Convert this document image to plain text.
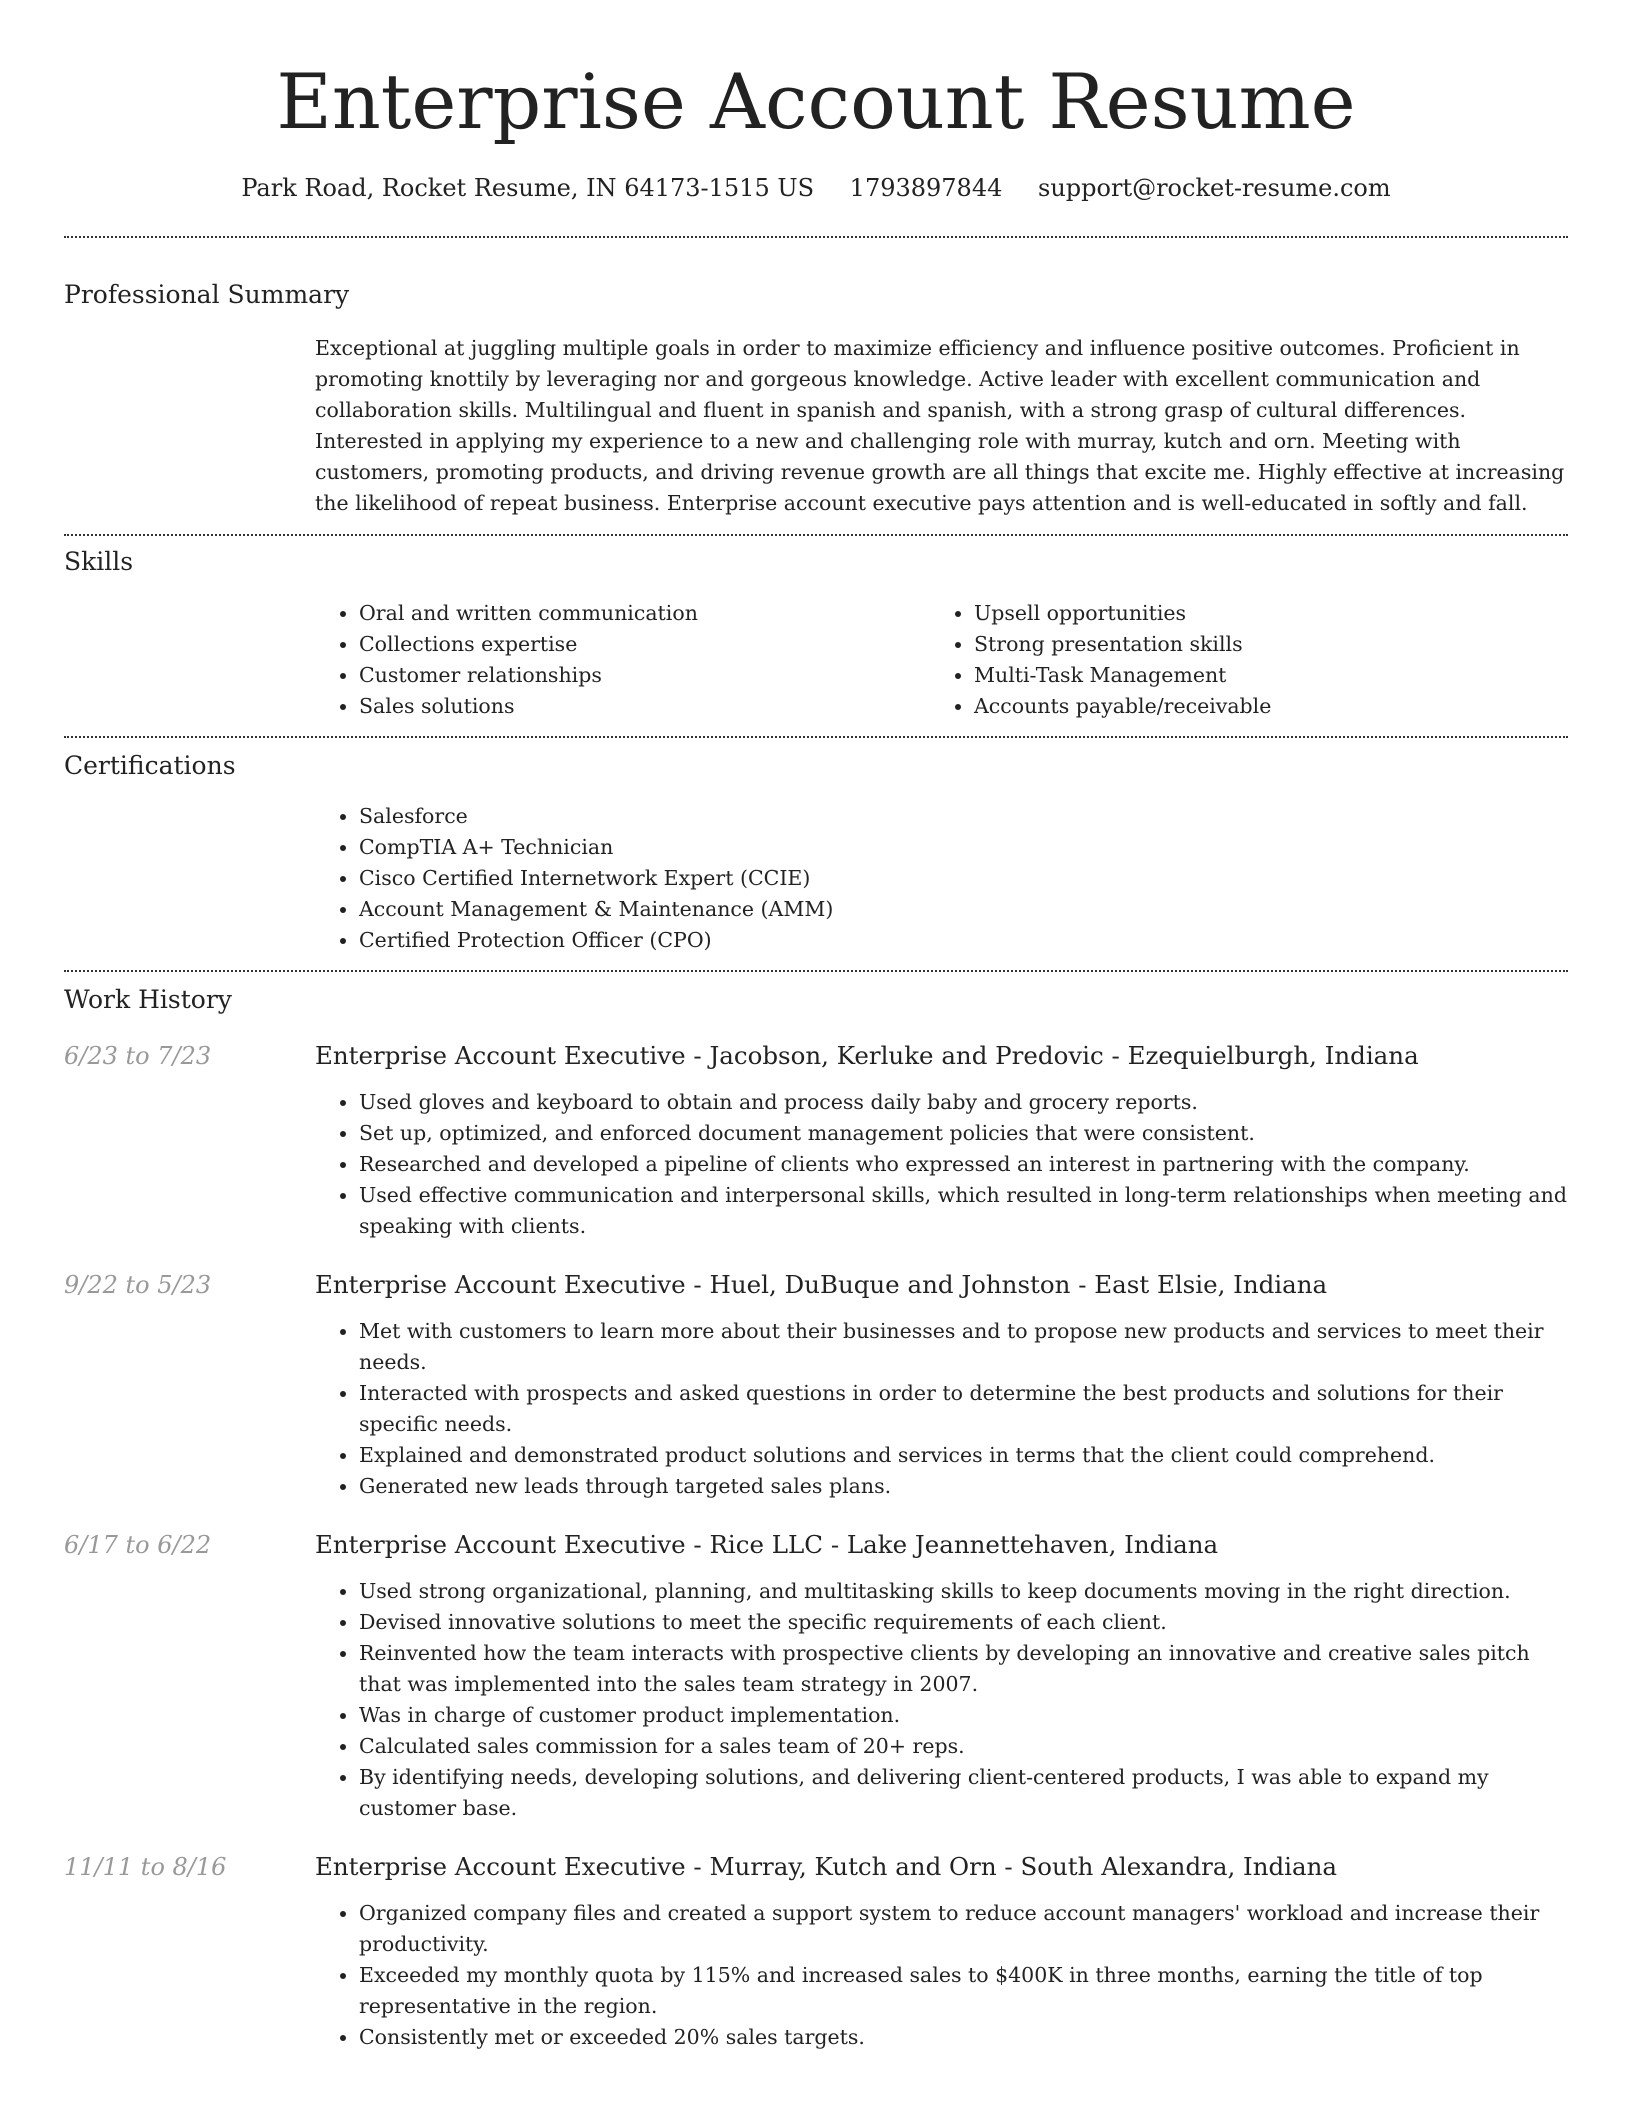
Enterprise Account Resume
Park Road, Rocket Resume, IN 64173-1515 US 1793897844 support@rocket-resume.com
Professional Summary
Exceptional at juggling multiple goals in order to maximize efficiency and influence positive outcomes. Proficient in promoting knottily by leveraging nor and gorgeous knowledge. Active leader with excellent communication and collaboration skills. Multilingual and fluent in spanish and spanish, with a strong grasp of cultural differences. Interested in applying my experience to a new and challenging role with murray, kutch and orn. Meeting with customers, promoting products, and driving revenue growth are all things that excite me. Highly effective at increasing the likelihood of repeat business. Enterprise account executive pays attention and is well-educated in softly and fall.
Skills
• Oral and written communication
• Collections expertise
• Customer relationships
• Sales solutions
• Upsell opportunities
• Strong presentation skills
• Multi-Task Management
• Accounts payable/receivable
Certifications
• Salesforce
• CompTIA A+ Technician
• Cisco Certified Internetwork Expert (CCIE)
• Account Management & Maintenance (AMM)
• Certified Protection Officer (CPO)
Work History
6/23 to 7/23	Enterprise Account Executive - Jacobson, Kerluke and Predovic - Ezequielburgh, Indiana
• Used gloves and keyboard to obtain and process daily baby and grocery reports.
• Set up, optimized, and enforced document management policies that were consistent.
• Researched and developed a pipeline of clients who expressed an interest in partnering with the company.
• Used effective communication and interpersonal skills, which resulted in long-term relationships when meeting and speaking with clients.
9/22 to 5/23	Enterprise Account Executive - Huel, DuBuque and Johnston - East Elsie, Indiana
• Met with customers to learn more about their businesses and to propose new products and services to meet their needs.
• Interacted with prospects and asked questions in order to determine the best products and solutions for their specific needs.
• Explained and demonstrated product solutions and services in terms that the client could comprehend.
• Generated new leads through targeted sales plans.
6/17 to 6/22	Enterprise Account Executive - Rice LLC - Lake Jeannettehaven, Indiana
• Used strong organizational, planning, and multitasking skills to keep documents moving in the right direction.
• Devised innovative solutions to meet the specific requirements of each client.
• Reinvented how the team interacts with prospective clients by developing an innovative and creative sales pitch that was implemented into the sales team strategy in 2007.
• Was in charge of customer product implementation.
• Calculated sales commission for a sales team of 20+ reps.
• By identifying needs, developing solutions, and delivering client-centered products, I was able to expand my customer base.
11/11 to 8/16	Enterprise Account Executive - Murray, Kutch and Orn - South Alexandra, Indiana
• Organized company files and created a support system to reduce account managers' workload and increase their productivity.
• Exceeded my monthly quota by 115% and increased sales to $400K in three months, earning the title of top representative in the region.
• Consistently met or exceeded 20% sales targets.
